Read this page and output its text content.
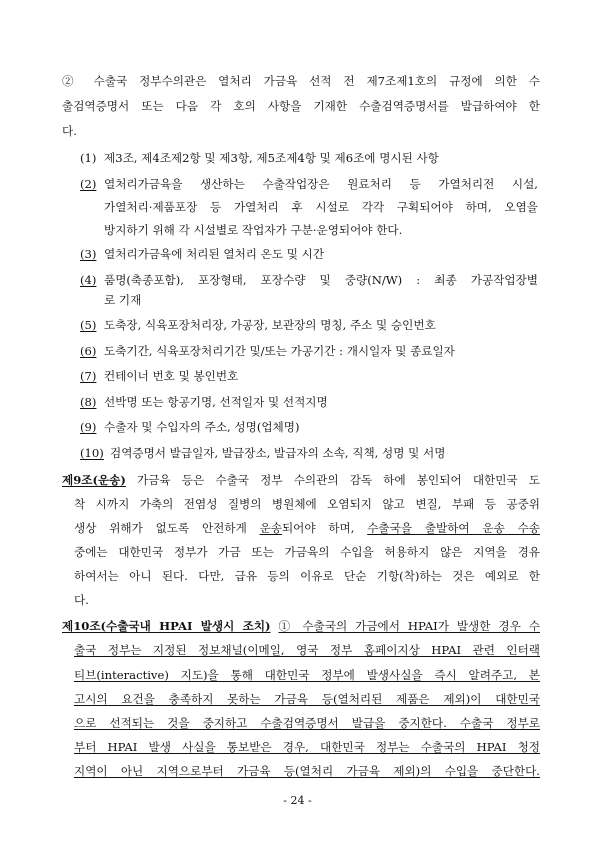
② 수출국 정부수의관은 열처리 가금육 선적 전 제7조제1호의 규정에 의한 수
출검역증명서 또는 다음 각 호의 사항을 기재한 수출검역증명서를 발급하여야 한
다.
(1) 제3조, 제4조제2항 및 제3항, 제5조제4항 및 제6조에 명시된 사항
(2) 열처리가금육을 생산하는 수출작업장은 원료처리 등 가열처리전 시설,
가열처리·제품포장 등 가열처리 후 시설로 각각 구획되어야 하며, 오염을
방지하기 위해 각 시설별로 작업자가 구분·운영되어야 한다.
(3) 열처리가금육에 처리된 열처리 온도 및 시간
(4) 품명(축종포함), 포장형태, 포장수량 및 중량(N/W) : 최종 가공작업장별
로 기재
(5) 도축장, 식육포장처리장, 가공장, 보관장의 명칭, 주소 및 승인번호
(6) 도축기간, 식육포장처리기간 및/또는 가공기간 : 개시일자 및 종료일자
(7) 컨테이너 번호 및 봉인번호
(8) 선박명 또는 항공기명, 선적일자 및 선적지명
(9) 수출자 및 수입자의 주소, 성명(업체명)
(10) 검역증명서 발급일자, 발급장소, 발급자의 소속, 직책, 성명 및 서명
제9조(운송) 가금육 등은 수출국 정부 수의관의 감독 하에 봉인되어 대한민국 도
착 시까지 가축의 전염성 질병의 병원체에 오염되지 않고 변질, 부패 등 공중위
생상 위해가 없도록 안전하게 운송되어야 하며, 수출국을 출발하여 운송 수송
중에는 대한민국 정부가 가금 또는 가금육의 수입을 허용하지 않은 지역을 경유
하여서는 아니 된다. 다만, 급유 등의 이유로 단순 기항(착)하는 것은 예외로 한
다.
제10조(수출국내 HPAI 발생시 조치) ① 수출국의 가금에서 HPAI가 발생한 경우 수
출국 정부는 지정된 정보채널(이메일, 영국 정부 홈페이지상 HPAI 관련 인터랙
티브(interactive) 지도)을 통해 대한민국 정부에 발생사실을 즉시 알려주고, 본
고시의 요건을 충족하지 못하는 가금육 등(열처리된 제품은 제외)이 대한민국
으로 선적되는 것을 중지하고 수출검역증명서 발급을 중지한다. 수출국 정부로
부터 HPAI 발생 사실을 통보받은 경우, 대한민국 정부는 수출국의 HPAI 청정
지역이 아닌 지역으로부터 가금육 등(열처리 가금육 제외)의 수입을 중단한다.
- 24 -
